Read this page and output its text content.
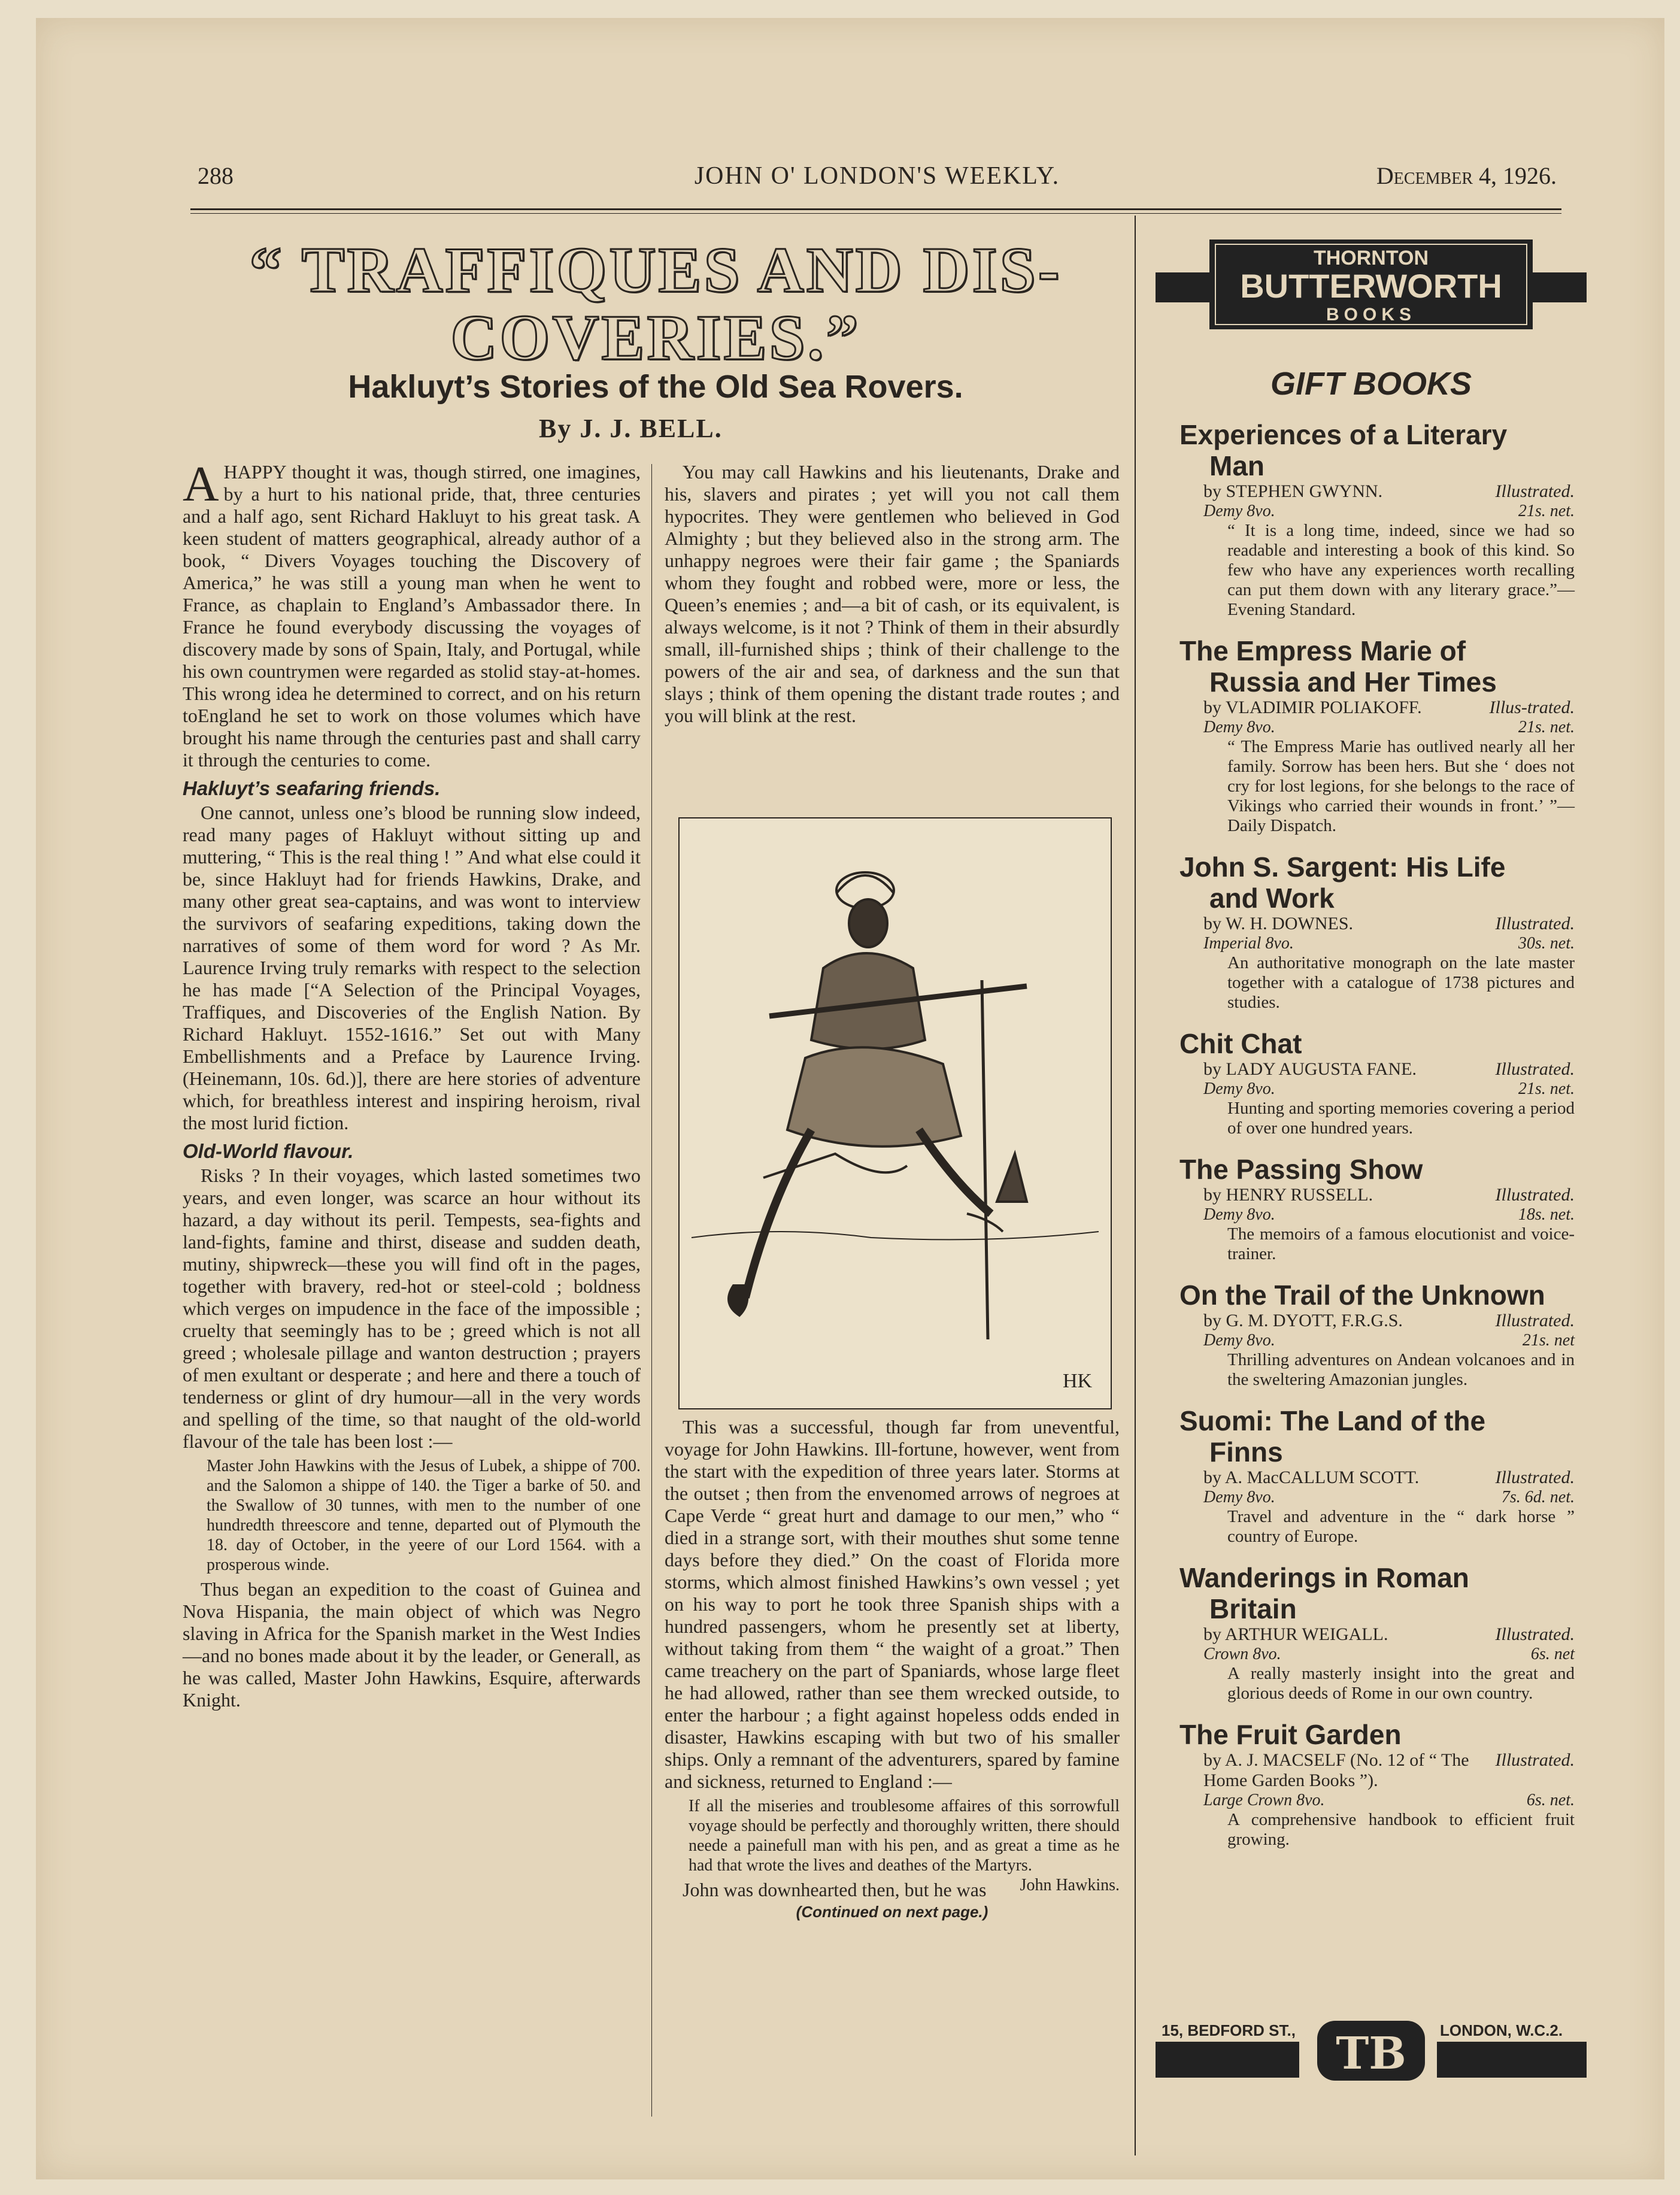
288	JOHN O' LONDON'S WEEKLY.	December 4, 1926.
“ TRAFFIQUES AND DIS-
COVERIES.”
Hakluyt’s Stories of the Old Sea Rovers.
By J. J. BELL.

AHAPPY thought it was, though stirred, one imagines, by a hurt to his national pride, that, three centuries and a half ago, sent Richard Hakluyt to his great task. A keen student of matters geographical, already author of a book, “ Divers Voyages touching the Discovery of America,” he was still a young man when he went to France, as chaplain to England’s Ambassador there. In France he found everybody discussing the voyages of discovery made by sons of Spain, Italy, and Portugal, while his own countrymen were regarded as stolid stay-at-homes. This wrong idea he determined to correct, and on his return toEngland he set to work on those volumes which have brought his name through the centuries past and shall carry it through the centuries to come.

Hakluyt’s seafaring friends.

One cannot, unless one’s blood be running slow indeed, read many pages of Hakluyt without sitting up and muttering, “ This is the real thing ! ” And what else could it be, since Hakluyt had for friends Hawkins, Drake, and many other great sea-captains, and was wont to interview the survivors of seafaring expeditions, taking down the narratives of some of them word for word ? As Mr. Laurence Irving truly remarks with respect to the selection he has made [“A Selection of the Principal Voyages, Traffiques, and Discoveries of the English Nation. By Richard Hakluyt. 1552-1616.” Set out with Many Embellishments and a Preface by Laurence Irving. (Heinemann, 10s. 6d.)], there are here stories of adventure which, for breathless interest and inspiring heroism, rival the most lurid fiction.

Old-World flavour.

Risks ? In their voyages, which lasted sometimes two years, and even longer, was scarce an hour without its hazard, a day without its peril. Tempests, sea-fights and land-fights, famine and thirst, disease and sudden death, mutiny, shipwreck—these you will find oft in the pages, together with bravery, red-hot or steel-cold ; boldness which verges on impudence in the face of the impossible ; cruelty that seemingly has to be ; greed which is not all greed ; wholesale pillage and wanton destruction ; prayers of men exultant or desperate ; and here and there a touch of tenderness or glint of dry humour—all in the very words and spelling of the time, so that naught of the old-world flavour of the tale has been lost :—

Master John Hawkins with the Jesus of Lubek, a shippe of 700. and the Salomon a shippe of 140. the Tiger a barke of 50. and the Swallow of 30 tunnes, with men to the number of one hundredth threescore and tenne, departed out of Plymouth the 18. day of October, in the yeere of our Lord 1564. with a prosperous winde.

Thus began an expedition to the coast of Guinea and Nova Hispania, the main object of which was Negro slaving in Africa for the Spanish market in the West Indies—and no bones made about it by the leader, or Generall, as he was called, Master John Hawkins, Esquire, afterwards Knight.

You may call Hawkins and his lieutenants, Drake and his, slavers and pirates ; yet will you not call them hypocrites. They were gentlemen who believed in God Almighty ; but they believed also in the strong arm. The unhappy negroes were their fair game ; the Spaniards whom they fought and robbed were, more or less, the Queen’s enemies ; and—a bit of cash, or its equivalent, is always welcome, is it not ? Think of them in their absurdly small, ill-furnished ships ; think of their challenge to the powers of the air and sea, of darkness and the sun that slays ; think of them opening the distant trade routes ; and you will blink at the rest.

HK

This was a successful, though far from uneventful, voyage for John Hawkins. Ill-fortune, however, went from the start with the expedition of three years later. Storms at the outset ; then from the envenomed arrows of negroes at Cape Verde “ great hurt and damage to our men,” who “ died in a strange sort, with their mouthes shut some tenne days before they died.” On the coast of Florida more storms, which almost finished Hawkins’s own vessel ; yet on his way to port he took three Spanish ships with a hundred passengers, whom he presently set at liberty, without taking from them “ the waight of a groat.” Then came treachery on the part of Spaniards, whose large fleet he had allowed, rather than see them wrecked outside, to enter the harbour ; a fight against hopeless odds ended in disaster, Hawkins escaping with but two of his smaller ships. Only a remnant of the adventurers, spared by famine and sickness, returned to England :—

If all the miseries and troublesome affaires of this sorrowfull voyage should be perfectly and thoroughly written, there should neede a painefull man with his pen, and as great a time as he had that wrote the lives and deathes of the Martyrs.
John Hawkins.

John was downhearted then, but he was

(Continued on next page.)
THORNTON
BUTTERWORTH
BOOKS
GIFT BOOKS
Experiences of a Literary
Man
by STEPHEN GWYNN.	Illustrated.
Demy 8vo.	21s. net.
“ It is a long time, indeed, since we had so readable and interesting a book of this kind. So few who have any experiences worth recalling can put them down with any literary grace.”—Evening Standard.
The Empress Marie of
Russia and Her Times
by VLADIMIR POLIAKOFF.	Illus-trated.
Demy 8vo.	21s. net.
“ The Empress Marie has outlived nearly all her family. Sorrow has been hers. But she ‘ does not cry for lost legions, for she belongs to the race of Vikings who carried their wounds in front.’ ”—Daily Dispatch.
John S. Sargent: His Life
and Work
by W. H. DOWNES.	Illustrated.
Imperial 8vo.	30s. net.
An authoritative monograph on the late master together with a catalogue of 1738 pictures and studies.
Chit Chat
by LADY AUGUSTA FANE.	Illustrated.
Demy 8vo.	21s. net.
Hunting and sporting memories covering a period of over one hundred years.
The Passing Show
by HENRY RUSSELL.	Illustrated.
Demy 8vo.	18s. net.
The memoirs of a famous elocutionist and voice-trainer.
On the Trail of the Unknown
by G. M. DYOTT, F.R.G.S.	Illustrated.
Demy 8vo.	21s. net
Thrilling adventures on Andean volcanoes and in the sweltering Amazonian jungles.
Suomi: The Land of the
Finns
by A. MacCALLUM SCOTT.	Illustrated.
Demy 8vo.	7s. 6d. net.
Travel and adventure in the “ dark horse ” country of Europe.
Wanderings in Roman
Britain
by ARTHUR WEIGALL.	Illustrated.
Crown 8vo.	6s. net
A really masterly insight into the great and glorious deeds of Rome in our own country.
The Fruit Garden
by A. J. MACSELF (No. 12 of “ The Home Garden Books ”).
Illustrated.
Large Crown 8vo.	6s. net.
A comprehensive handbook to efficient fruit growing.
15, BEDFORD ST.,	LONDON, W.C.2.
TB
